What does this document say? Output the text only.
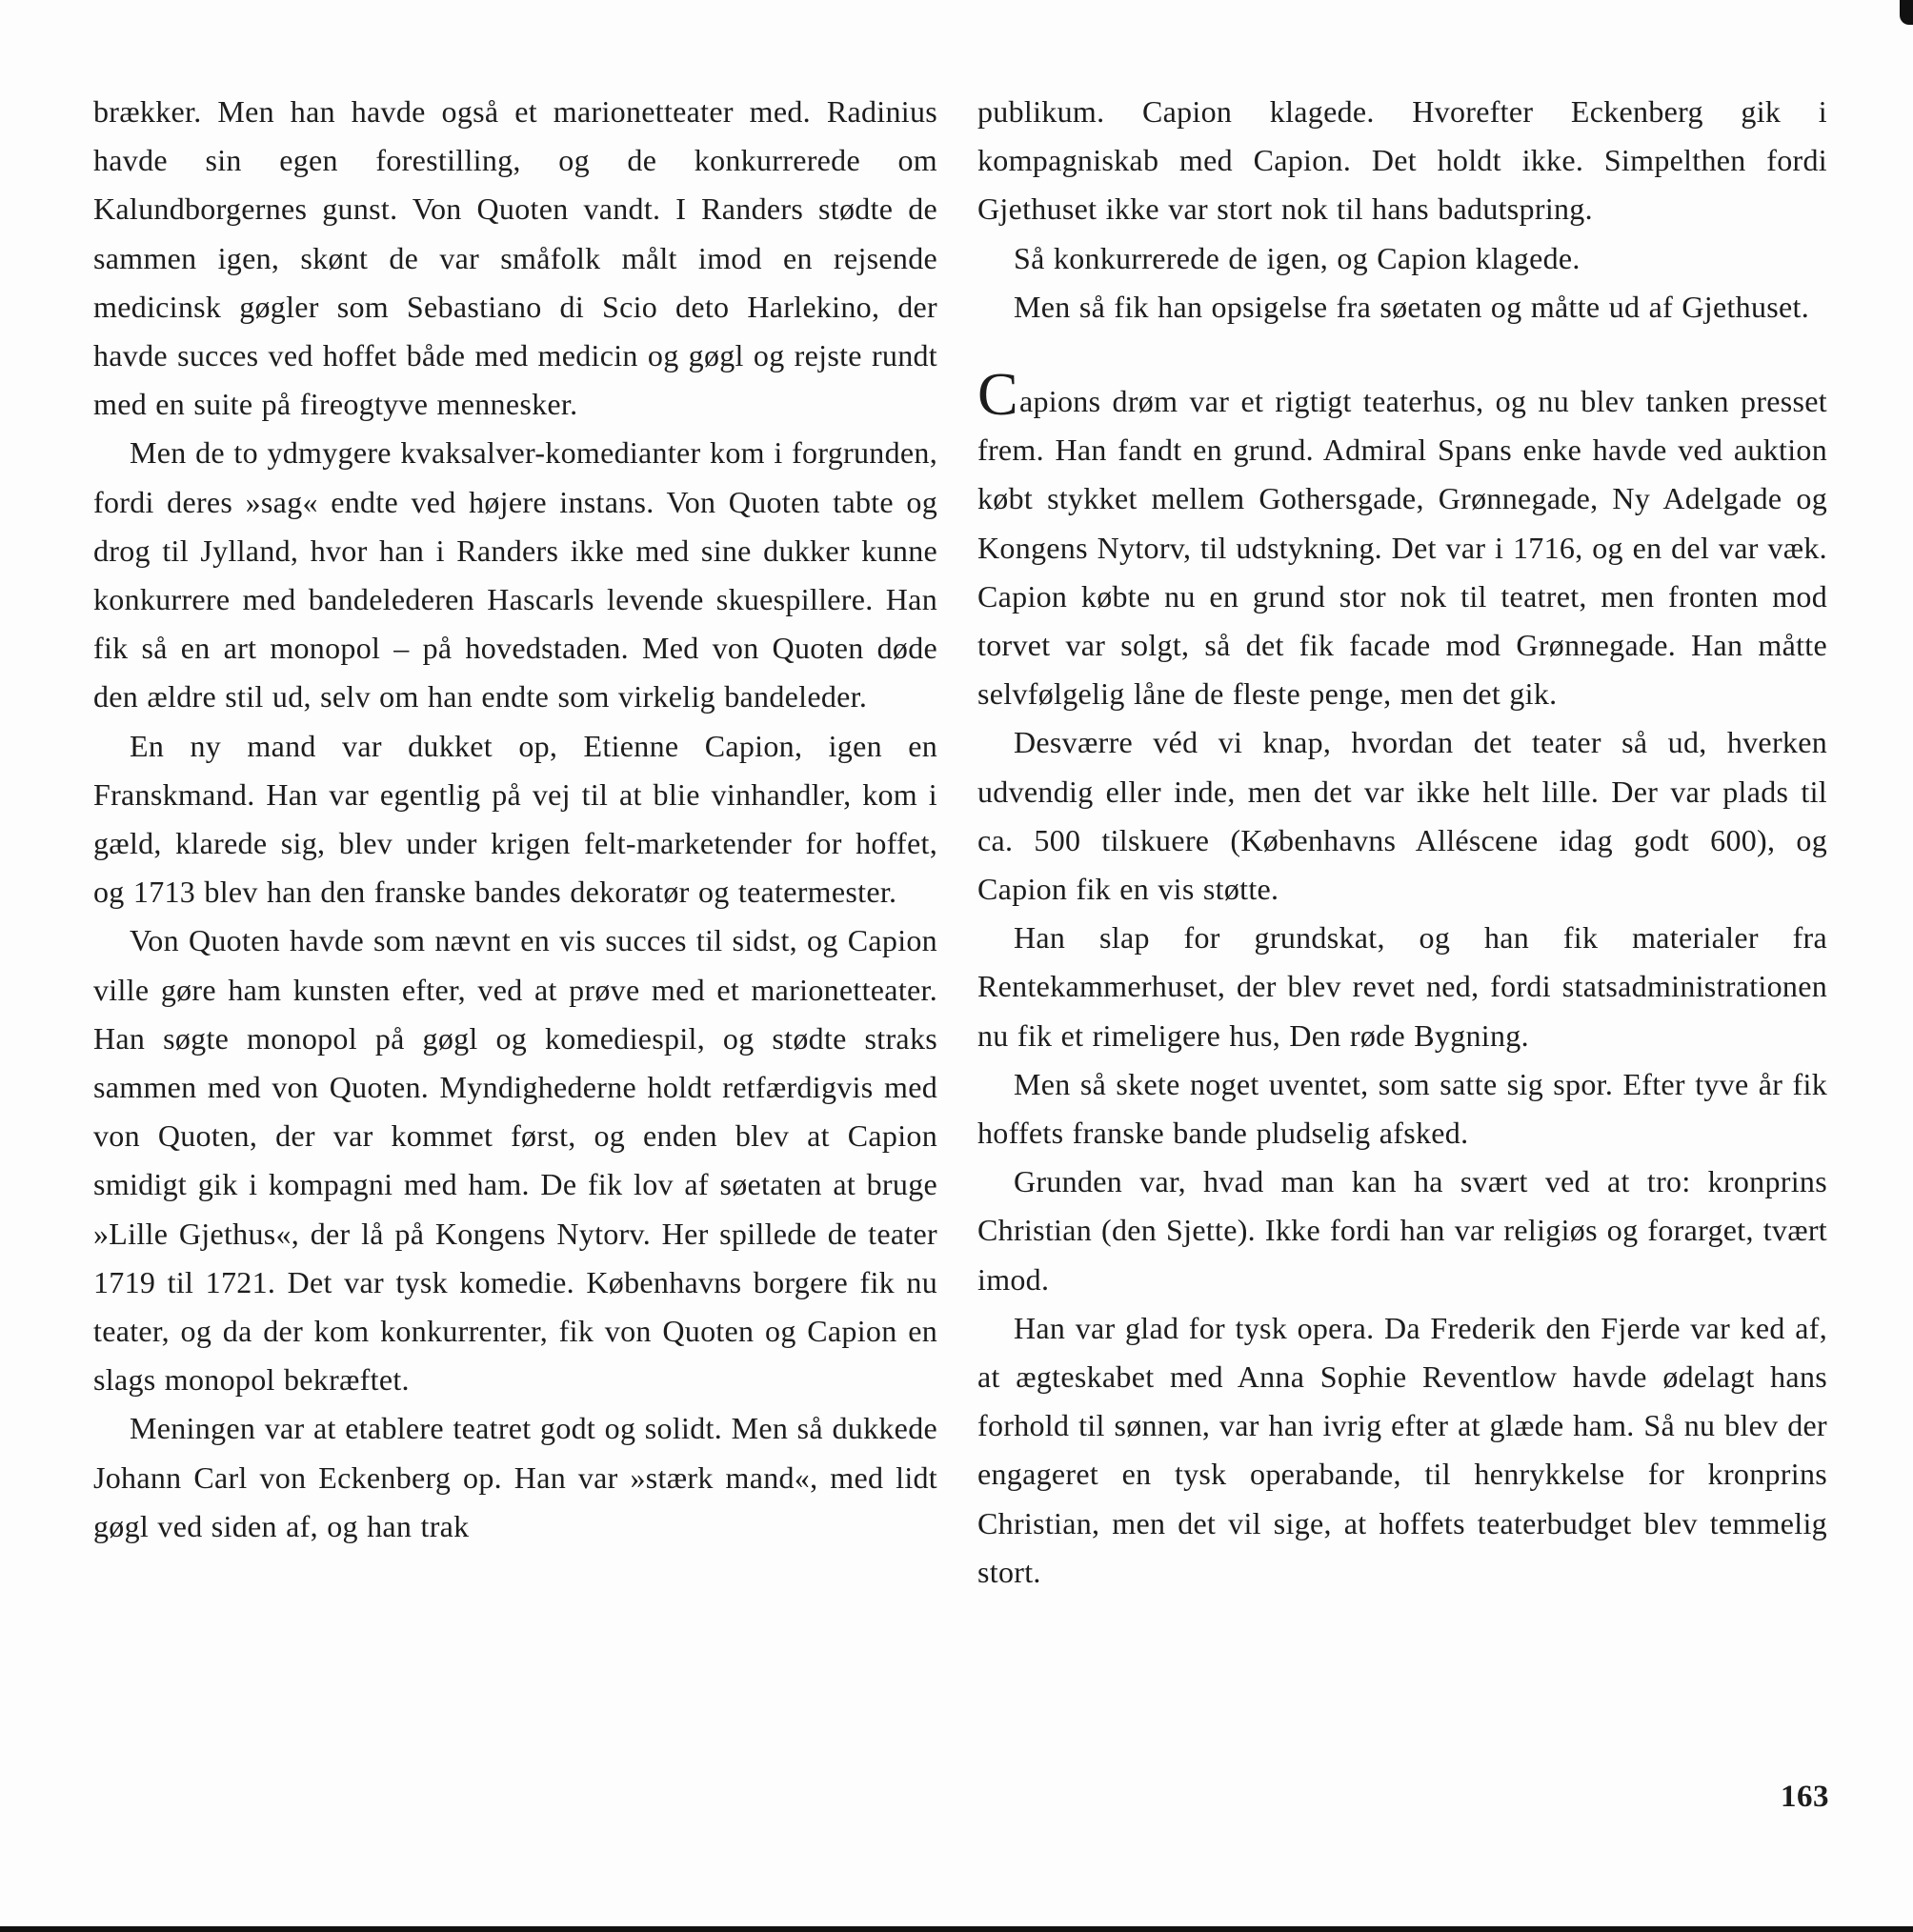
brækker. Men han havde også et marionetteater med. Radinius havde sin egen forestilling, og de konkurrerede om Kalundborgernes gunst. Von Quoten vandt. I Randers stødte de sammen igen, skønt de var småfolk målt imod en rejsende medicinsk gøgler som Sebastiano di Scio deto Harlekino, der havde succes ved hoffet både med medicin og gøgl og rejste rundt med en suite på fireogtyve mennesker.

Men de to ydmygere kvaksalver-komedianter kom i forgrunden, fordi deres »sag« endte ved højere instans. Von Quoten tabte og drog til Jylland, hvor han i Randers ikke med sine dukker kunne konkurrere med bandelederen Hascarls levende skuespillere. Han fik så en art monopol – på hovedstaden. Med von Quoten døde den ældre stil ud, selv om han endte som virkelig bandeleder.

En ny mand var dukket op, Etienne Capion, igen en Franskmand. Han var egentlig på vej til at blie vinhandler, kom i gæld, klarede sig, blev under krigen felt-marketender for hoffet, og 1713 blev han den franske bandes dekoratør og teatermester.

Von Quoten havde som nævnt en vis succes til sidst, og Capion ville gøre ham kunsten efter, ved at prøve med et marionetteater. Han søgte monopol på gøgl og komediespil, og stødte straks sammen med von Quoten. Myndighederne holdt retfærdigvis med von Quoten, der var kommet først, og enden blev at Capion smidigt gik i kompagni med ham. De fik lov af søetaten at bruge »Lille Gjethus«, der lå på Kongens Nytorv. Her spillede de teater 1719 til 1721. Det var tysk komedie. Københavns borgere fik nu teater, og da der kom konkurrenter, fik von Quoten og Capion en slags monopol bekræftet.

Meningen var at etablere teatret godt og solidt. Men så dukkede Johann Carl von Eckenberg op. Han var »stærk mand«, med lidt gøgl ved siden af, og han trak

publikum. Capion klagede. Hvorefter Eckenberg gik i kompagniskab med Capion. Det holdt ikke. Simpelthen fordi Gjethuset ikke var stort nok til hans badutspring.

Så konkurrerede de igen, og Capion klagede.

Men så fik han opsigelse fra søetaten og måtte ud af Gjethuset.

Capions drøm var et rigtigt teaterhus, og nu blev tanken presset frem. Han fandt en grund. Admiral Spans enke havde ved auktion købt stykket mellem Gothersgade, Grønnegade, Ny Adelgade og Kongens Nytorv, til udstykning. Det var i 1716, og en del var væk. Capion købte nu en grund stor nok til teatret, men fronten mod torvet var solgt, så det fik facade mod Grønnegade. Han måtte selvfølgelig låne de fleste penge, men det gik.

Desværre véd vi knap, hvordan det teater så ud, hverken udvendig eller inde, men det var ikke helt lille. Der var plads til ca. 500 tilskuere (Københavns Alléscene idag godt 600), og Capion fik en vis støtte.

Han slap for grundskat, og han fik materialer fra Rentekammerhuset, der blev revet ned, fordi statsadministrationen nu fik et rimeligere hus, Den røde Bygning.

Men så skete noget uventet, som satte sig spor. Efter tyve år fik hoffets franske bande pludselig afsked.

Grunden var, hvad man kan ha svært ved at tro: kronprins Christian (den Sjette). Ikke fordi han var religiøs og forarget, tvært imod.

Han var glad for tysk opera. Da Frederik den Fjerde var ked af, at ægteskabet med Anna Sophie Reventlow havde ødelagt hans forhold til sønnen, var han ivrig efter at glæde ham. Så nu blev der engageret en tysk operabande, til henrykkelse for kronprins Christian, men det vil sige, at hoffets teaterbudget blev temmelig stort.

163
